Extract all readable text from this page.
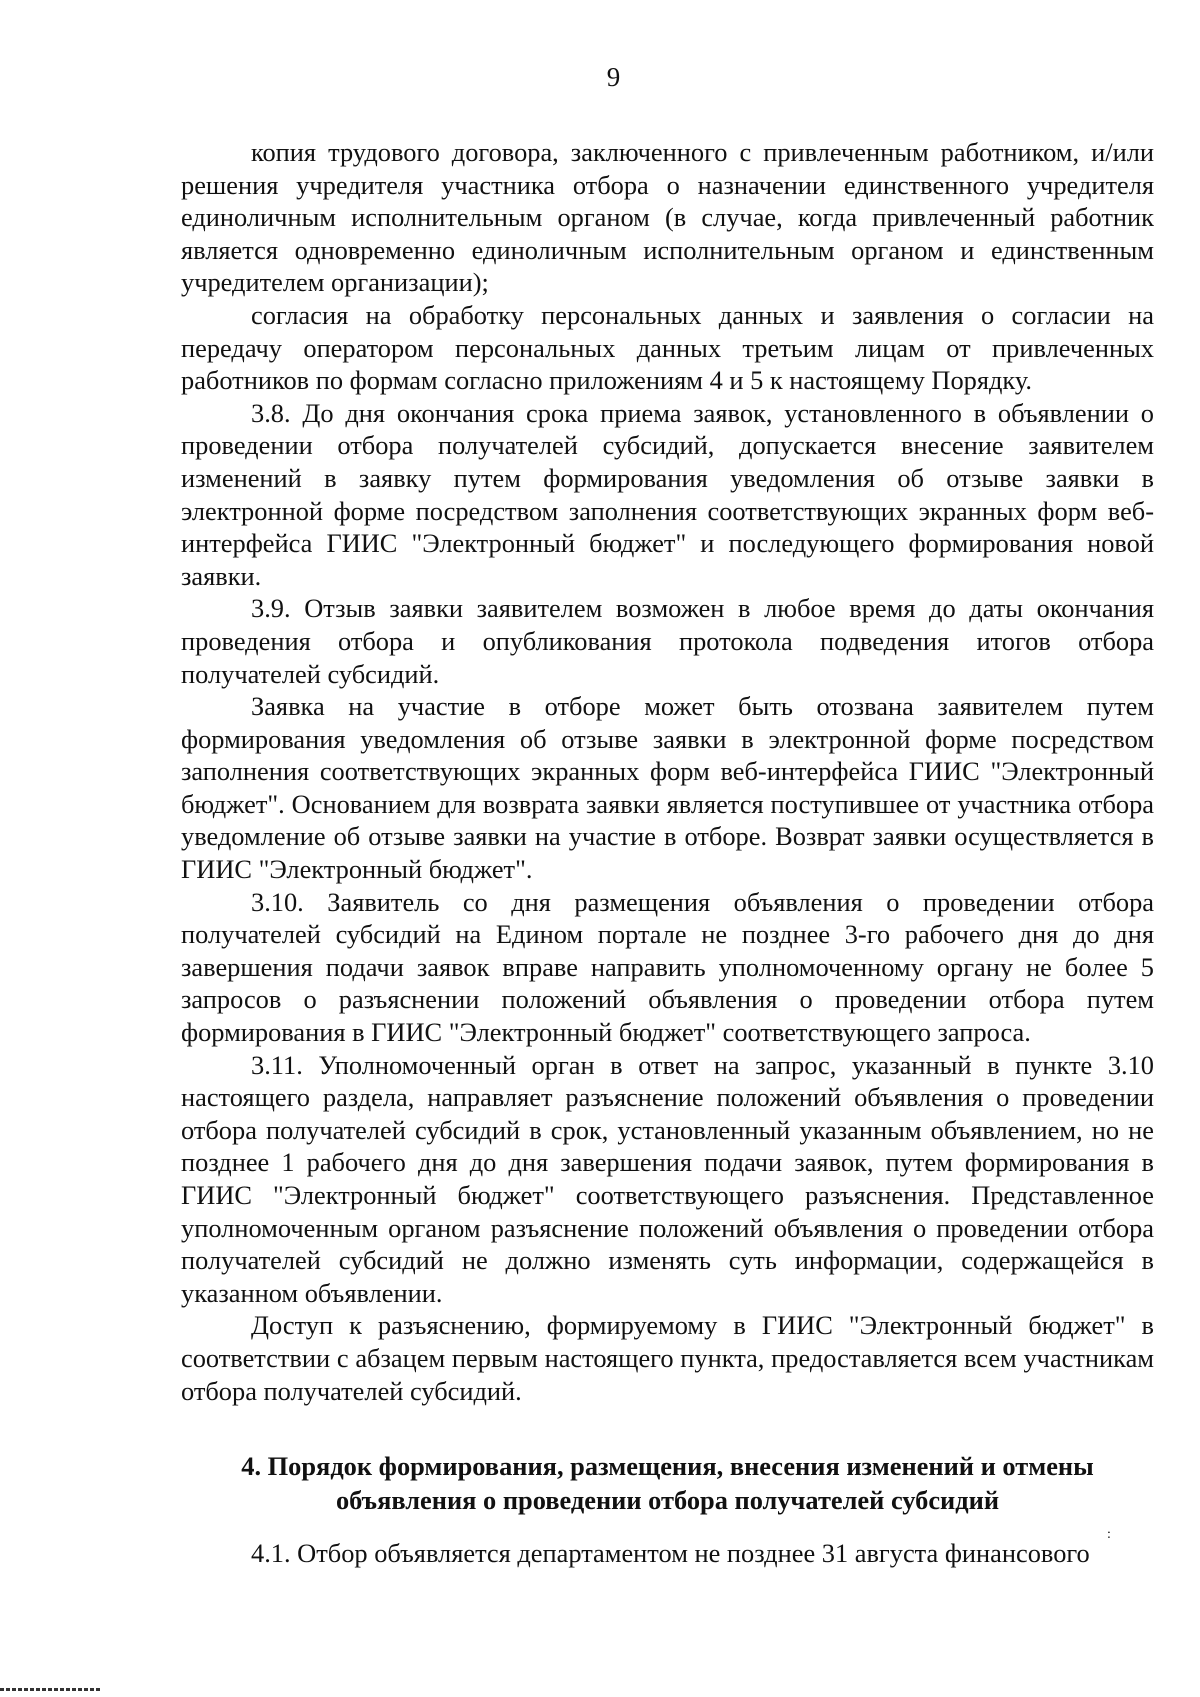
9

копия трудового договора, заключенного с привлеченным работником, и/или решения учредителя участника отбора о назначении единственного учредителя единоличным исполнительным органом (в случае, когда привлеченный работник является одновременно единоличным исполнительным органом и единственным учредителем организации);

согласия на обработку персональных данных и заявления о согласии на передачу оператором персональных данных третьим лицам от привлеченных работников по формам согласно приложениям 4 и 5 к настоящему Порядку.

3.8. До дня окончания срока приема заявок, установленного в объявлении о проведении отбора получателей субсидий, допускается внесение заявителем изменений в заявку путем формирования уведомления об отзыве заявки в электронной форме посредством заполнения соответствующих экранных форм веб-интерфейса ГИИС "Электронный бюджет" и последующего формирования новой заявки.

3.9. Отзыв заявки заявителем возможен в любое время до даты окончания проведения отбора и опубликования протокола подведения итогов отбора получателей субсидий.

Заявка на участие в отборе может быть отозвана заявителем путем формирования уведомления об отзыве заявки в электронной форме посредством заполнения соответствующих экранных форм веб-интерфейса ГИИС "Электронный бюджет". Основанием для возврата заявки является поступившее от участника отбора уведомление об отзыве заявки на участие в отборе. Возврат заявки осуществляется в ГИИС "Электронный бюджет".

3.10. Заявитель со дня размещения объявления о проведении отбора получателей субсидий на Едином портале не позднее 3-го рабочего дня до дня завершения подачи заявок вправе направить уполномоченному органу не более 5 запросов о разъяснении положений объявления о проведении отбора путем формирования в ГИИС "Электронный бюджет" соответствующего запроса.

3.11. Уполномоченный орган в ответ на запрос, указанный в пункте 3.10 настоящего раздела, направляет разъяснение положений объявления о проведении отбора получателей субсидий в срок, установленный указанным объявлением, но не позднее 1 рабочего дня до дня завершения подачи заявок, путем формирования в ГИИС "Электронный бюджет" соответствующего разъяснения. Представленное уполномоченным органом разъяснение положений объявления о проведении отбора получателей субсидий не должно изменять суть информации, содержащейся в указанном объявлении.

Доступ к разъяснению, формируемому в ГИИС "Электронный бюджет" в соответствии с абзацем первым настоящего пункта, предоставляется всем участникам отбора получателей субсидий.

4. Порядок формирования, размещения, внесения изменений и отмены
объявления о проведении отбора получателей субсидий

4.1. Отбор объявляется департаментом не позднее 31 августа финансового

:
